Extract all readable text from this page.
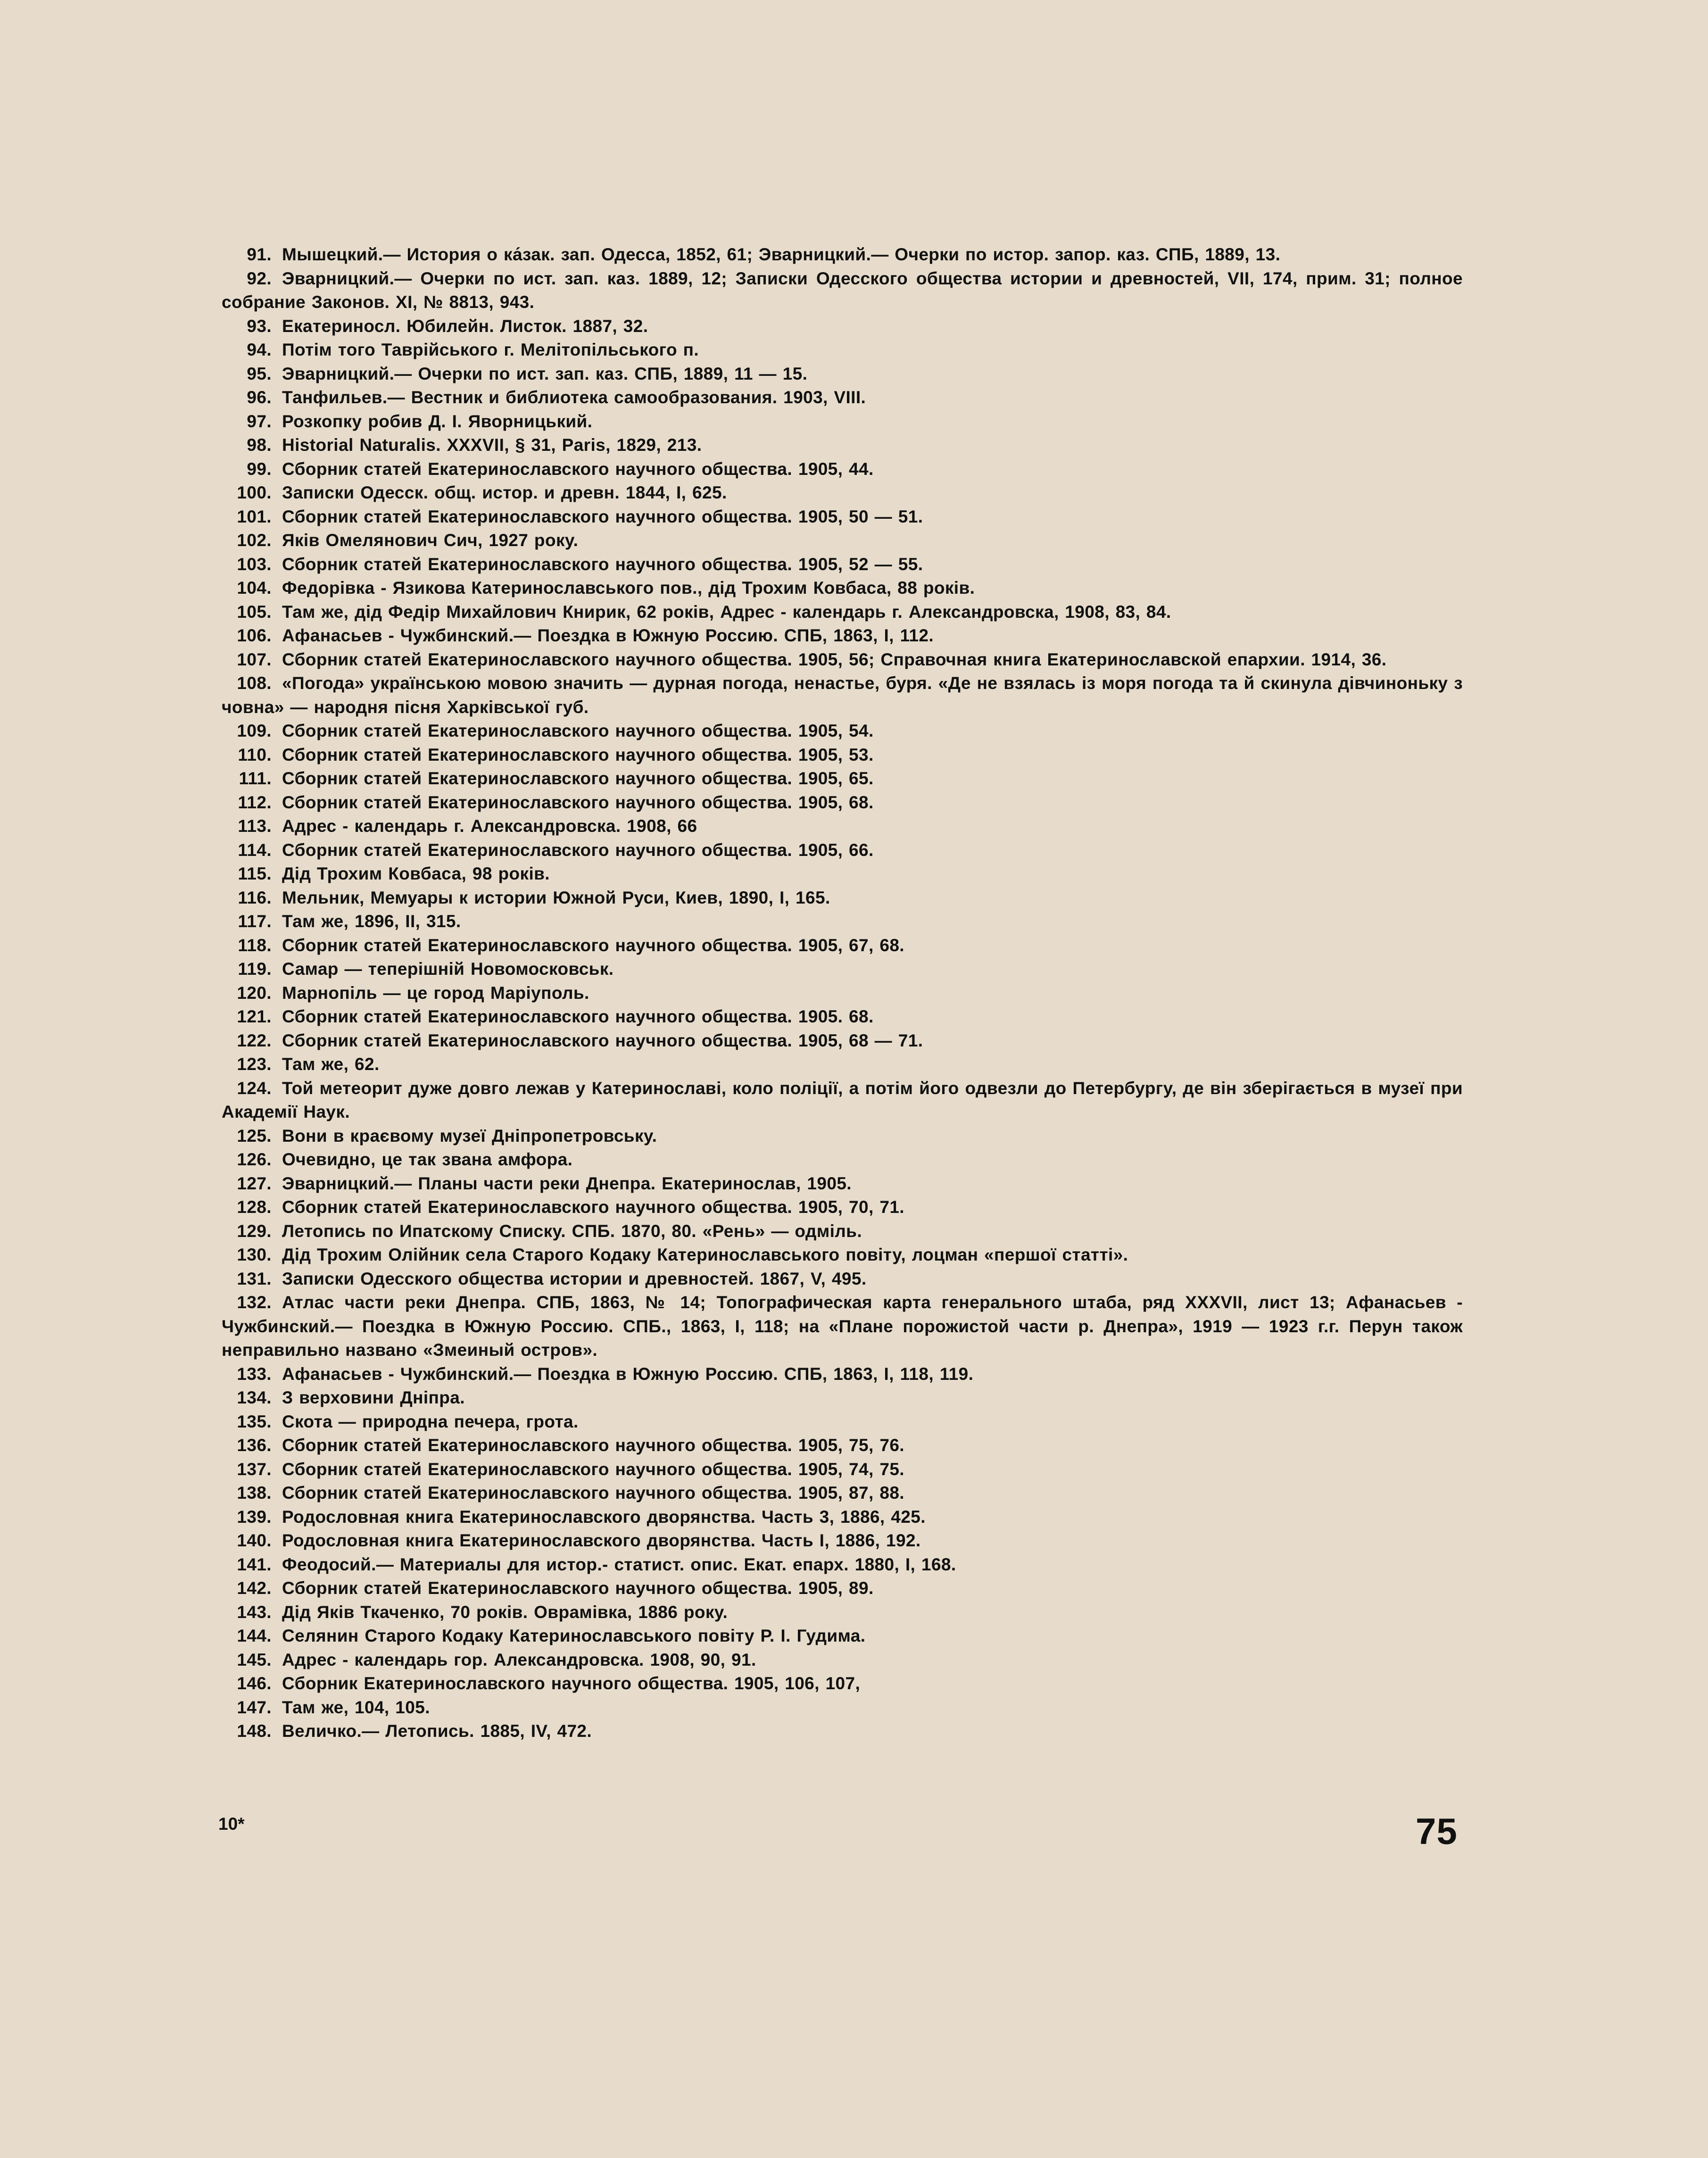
91. Мышецкий.— История о ка́зак. зап. Одесса, 1852, 61; Эварницкий.— Очерки по истор. запор. каз. СПБ, 1889, 13.
92. Эварницкий.— Очерки по ист. зап. каз. 1889, 12; Записки Одесского общества истории и древностей, VII, 174, прим. 31; полное собрание Законов. XI, № 8813, 943.
93. Екатериносл. Юбилейн. Листок. 1887, 32.
94. Потім того Таврійського г. Мелітопільського п.
95. Эварницкий.— Очерки по ист. зап. каз. СПБ, 1889, 11 — 15.
96. Танфильев.— Вестник и библиотека самообразования. 1903, VIII.
97. Розкопку робив Д. І. Яворницький.
98. Historial Naturalis. XXXVII, § 31, Paris, 1829, 213.
99. Сборник статей Екатеринославского научного общества. 1905, 44.
100. Записки Одесск. общ. истор. и древн. 1844, I, 625.
101. Сборник статей Екатеринославского научного общества. 1905, 50 — 51.
102. Яків Омелянович Сич, 1927 року.
103. Сборник статей Екатеринославского научного общества. 1905, 52 — 55.
104. Федорівка - Язикова Катеринославського пов., дід Трохим Ковбаса, 88 років.
105. Там же, дід Федір Михайлович Книрик, 62 років, Адрес - календарь г. Александровска, 1908, 83, 84.
106. Афанасьев - Чужбинский.— Поездка в Южную Россию. СПБ, 1863, I, 112.
107. Сборник статей Екатеринославского научного общества. 1905, 56; Справочная книга Екатеринославской епархии. 1914, 36.
108. «Погода» українською мовою значить — дурная погода, ненастье, буря. «Де не взялась із моря погода та й скинула дівчиноньку з човна» — народня пісня Харківської губ.
109. Сборник статей Екатеринославского научного общества. 1905, 54.
110. Сборник статей Екатеринославского научного общества. 1905, 53.
111. Сборник статей Екатеринославского научного общества. 1905, 65.
112. Сборник статей Екатеринославского научного общества. 1905, 68.
113. Адрес - календарь г. Александровска. 1908, 66
114. Сборник статей Екатеринославского научного общества. 1905, 66.
115. Дід Трохим Ковбаса, 98 років.
116. Мельник, Мемуары к истории Южной Руси, Киев, 1890, I, 165.
117. Там же, 1896, II, 315.
118. Сборник статей Екатеринославского научного общества. 1905, 67, 68.
119. Самар — теперішній Новомосковськ.
120. Марнопіль — це город Маріуполь.
121. Сборник статей Екатеринославского научного общества. 1905. 68.
122. Сборник статей Екатеринославского научного общества. 1905, 68 — 71.
123. Там же, 62.
124. Той метеорит дуже довго лежав у Катеринославі, коло поліції, а потім його одвезли до Петербургу, де він зберігається в музеї при Академії Наук.
125. Вони в краєвому музеї Дніпропетровську.
126. Очевидно, це так звана амфора.
127. Эварницкий.— Планы части реки Днепра. Екатеринослав, 1905.
128. Сборник статей Екатеринославского научного общества. 1905, 70, 71.
129. Летопись по Ипатскому Списку. СПБ. 1870, 80. «Рень» — одміль.
130. Дід Трохим Олійник села Старого Кодаку Катеринославського повіту, лоцман «першої статті».
131. Записки Одесского общества истории и древностей. 1867, V, 495.
132. Атлас части реки Днепра. СПБ, 1863, № 14; Топографическая карта генерального штаба, ряд XXXVII, лист 13; Афанасьев - Чужбинский.— Поездка в Южную Россию. СПБ., 1863, I, 118; на «Плане порожистой части р. Днепра», 1919 — 1923 г.г. Перун також неправильно названо «Змеиный остров».
133. Афанасьев - Чужбинский.— Поездка в Южную Россию. СПБ, 1863, I, 118, 119.
134. З верховини Дніпра.
135. Скота — природна печера, грота.
136. Сборник статей Екатеринославского научного общества. 1905, 75, 76.
137. Сборник статей Екатеринославского научного общества. 1905, 74, 75.
138. Сборник статей Екатеринославского научного общества. 1905, 87, 88.
139. Родословная книга Екатеринославского дворянства. Часть 3, 1886, 425.
140. Родословная книга Екатеринославского дворянства. Часть I, 1886, 192.
141. Феодосий.— Материалы для истор.- статист. опис. Екат. епарх. 1880, I, 168.
142. Сборник статей Екатеринославского научного общества. 1905, 89.
143. Дід Яків Ткаченко, 70 років. Оврамівка, 1886 року.
144. Селянин Старого Кодаку Катеринославського повіту Р. І. Гудима.
145. Адрес - календарь гор. Александровска. 1908, 90, 91.
146. Сборник Екатеринославского научного общества. 1905, 106, 107,
147. Там же, 104, 105.
148. Величко.— Летопись. 1885, IV, 472.
10*	75
